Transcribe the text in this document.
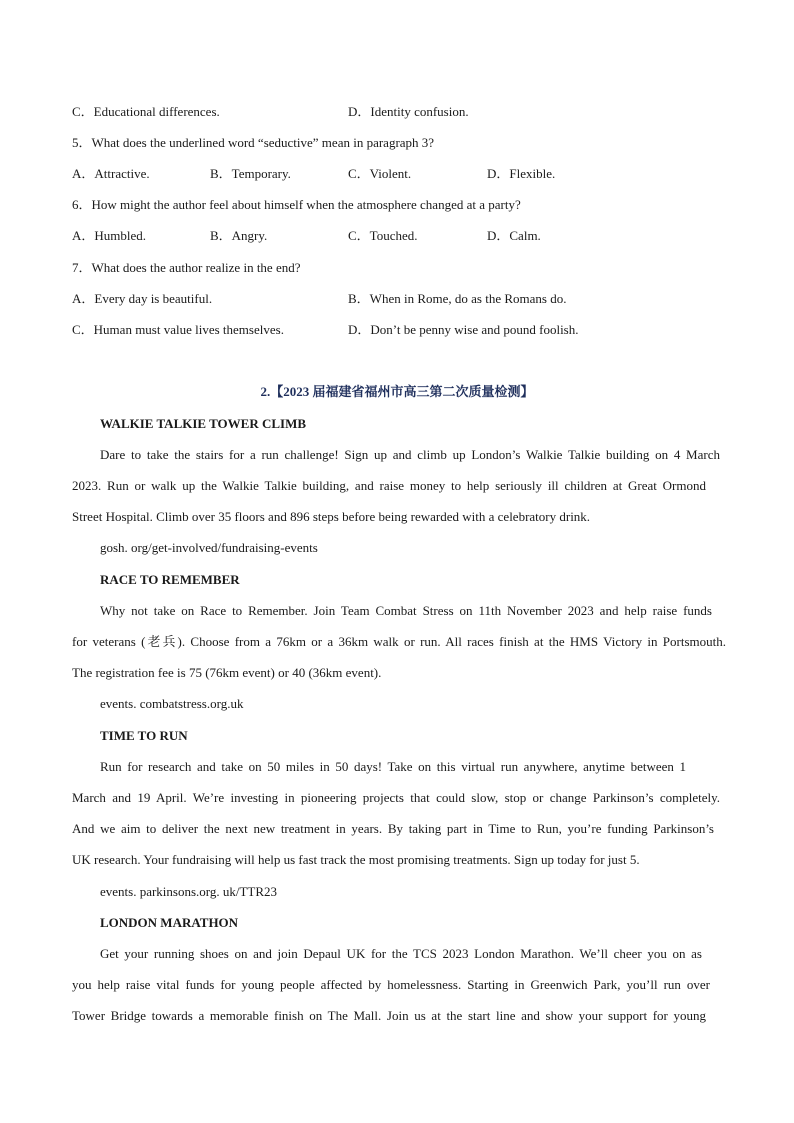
C．Educational differences.	D．Identity confusion.
5．What does the underlined word “seductive” mean in paragraph 3?
A．Attractive.	B．Temporary.	C．Violent.	D．Flexible.
6．How might the author feel about himself when the atmosphere changed at a party?
A．Humbled.	B．Angry.	C．Touched.	D．Calm.
7．What does the author realize in the end?
A．Every day is beautiful.	B．When in Rome, do as the Romans do.
C．Human must value lives themselves.	D．Don’t be penny wise and pound foolish.
2.【2023 届福建省福州市高三第二次质量检测】
WALKIE TALKIE TOWER CLIMB
Dare to take the stairs for a run challenge! Sign up and climb up London’s Walkie Talkie building on 4 March
2023. Run or walk up the Walkie Talkie building, and raise money to help seriously ill children at Great Ormond
Street Hospital. Climb over 35 floors and 896 steps before being rewarded with a celebratory drink.
gosh. org/get-involved/fundraising-events
RACE TO REMEMBER
Why not take on Race to Remember. Join Team Combat Stress on 11th November 2023 and help raise funds
for veterans (老兵). Choose from a 76km or a 36km walk or run. All races finish at the HMS Victory in Portsmouth.
The registration fee is 75 (76km event) or 40 (36km event).
events. combatstress.org.uk
TIME TO RUN
Run for research and take on 50 miles in 50 days! Take on this virtual run anywhere, anytime between 1
March and 19 April. We’re investing in pioneering projects that could slow, stop or change Parkinson’s completely.
And we aim to deliver the next new treatment in years. By taking part in Time to Run, you’re funding Parkinson’s
UK research. Your fundraising will help us fast track the most promising treatments. Sign up today for just 5.
events. parkinsons.org. uk/TTR23
LONDON MARATHON
Get your running shoes on and join Depaul UK for the TCS 2023 London Marathon. We’ll cheer you on as
you help raise vital funds for young people affected by homelessness. Starting in Greenwich Park, you’ll run over
Tower Bridge towards a memorable finish on The Mall. Join us at the start line and show your support for young
